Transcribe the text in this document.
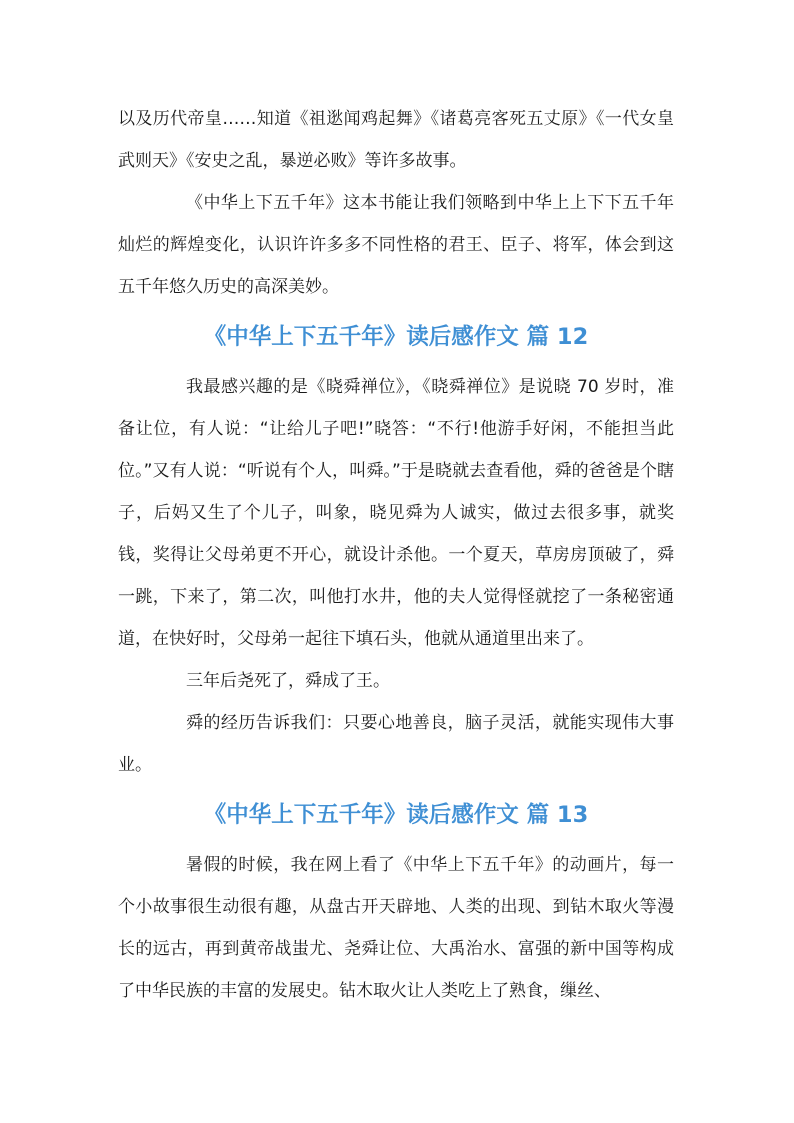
以及历代帝皇……知道《祖逖闻鸡起舞》《诸葛亮客死五丈原》《一代女皇武则天》《安史之乱，暴逆必败》等许多故事。

《中华上下五千年》这本书能让我们领略到中华上上下下五千年灿烂的辉煌变化，认识许许多多不同性格的君王、臣子、将军，体会到这五千年悠久历史的高深美妙。

《中华上下五千年》读后感作文 篇 12

我最感兴趣的是《晓舜禅位》，《晓舜禅位》是说晓 70 岁时，准备让位，有人说：“让给儿子吧!”晓答：“不行!他游手好闲，不能担当此位。”又有人说：“听说有个人，叫舜。”于是晓就去查看他，舜的爸爸是个瞎子，后妈又生了个儿子，叫象，晓见舜为人诚实，做过去很多事，就奖钱，奖得让父母弟更不开心，就设计杀他。一个夏天，草房房顶破了，舜一跳，下来了，第二次，叫他打水井，他的夫人觉得怪就挖了一条秘密通道，在快好时，父母弟一起往下填石头，他就从通道里出来了。

三年后尧死了，舜成了王。

舜的经历告诉我们：只要心地善良，脑子灵活，就能实现伟大事业。

《中华上下五千年》读后感作文 篇 13

暑假的时候，我在网上看了《中华上下五千年》的动画片，每一个小故事很生动很有趣，从盘古开天辟地、人类的出现、到钻木取火等漫长的远古，再到黄帝战蚩尤、尧舜让位、大禹治水、富强的新中国等构成了中华民族的丰富的发展史。钻木取火让人类吃上了熟食，缫丝、
